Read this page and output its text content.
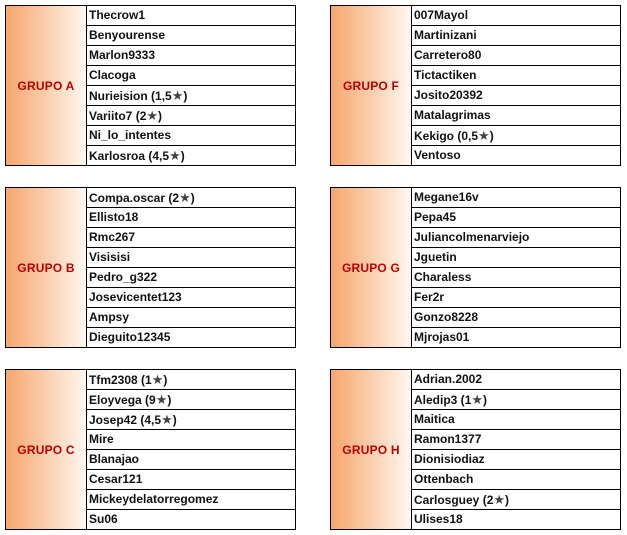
GRUPO A
Thecrow1
Benyourense
Marlon9333
Clacoga
Nurieision (1,5★)
Variito7 (2★)
Ni_lo_intentes
Karlosroa (4,5★)
GRUPO F
007Mayol
Martinizani
Carretero80
Tictactiken
Josito20392
Matalagrimas
Kekigo (0,5★)
Ventoso
GRUPO B
Compa.oscar (2★)
Ellisto18
Rmc267
Visisisi
Pedro_g322
Josevicentet123
Ampsy
Dieguito12345
GRUPO G
Megane16v
Pepa45
Juliancolmenarviejo
Jguetin
Charaless
Fer2r
Gonzo8228
Mjrojas01
GRUPO C
Tfm2308 (1★)
Eloyvega (9★)
Josep42 (4,5★)
Mire
Blanajao
Cesar121
Mickeydelatorregomez
Su06
GRUPO H
Adrian.2002
Aledip3 (1★)
Maitica
Ramon1377
Dionisiodiaz
Ottenbach
Carlosguey (2★)
Ulises18
